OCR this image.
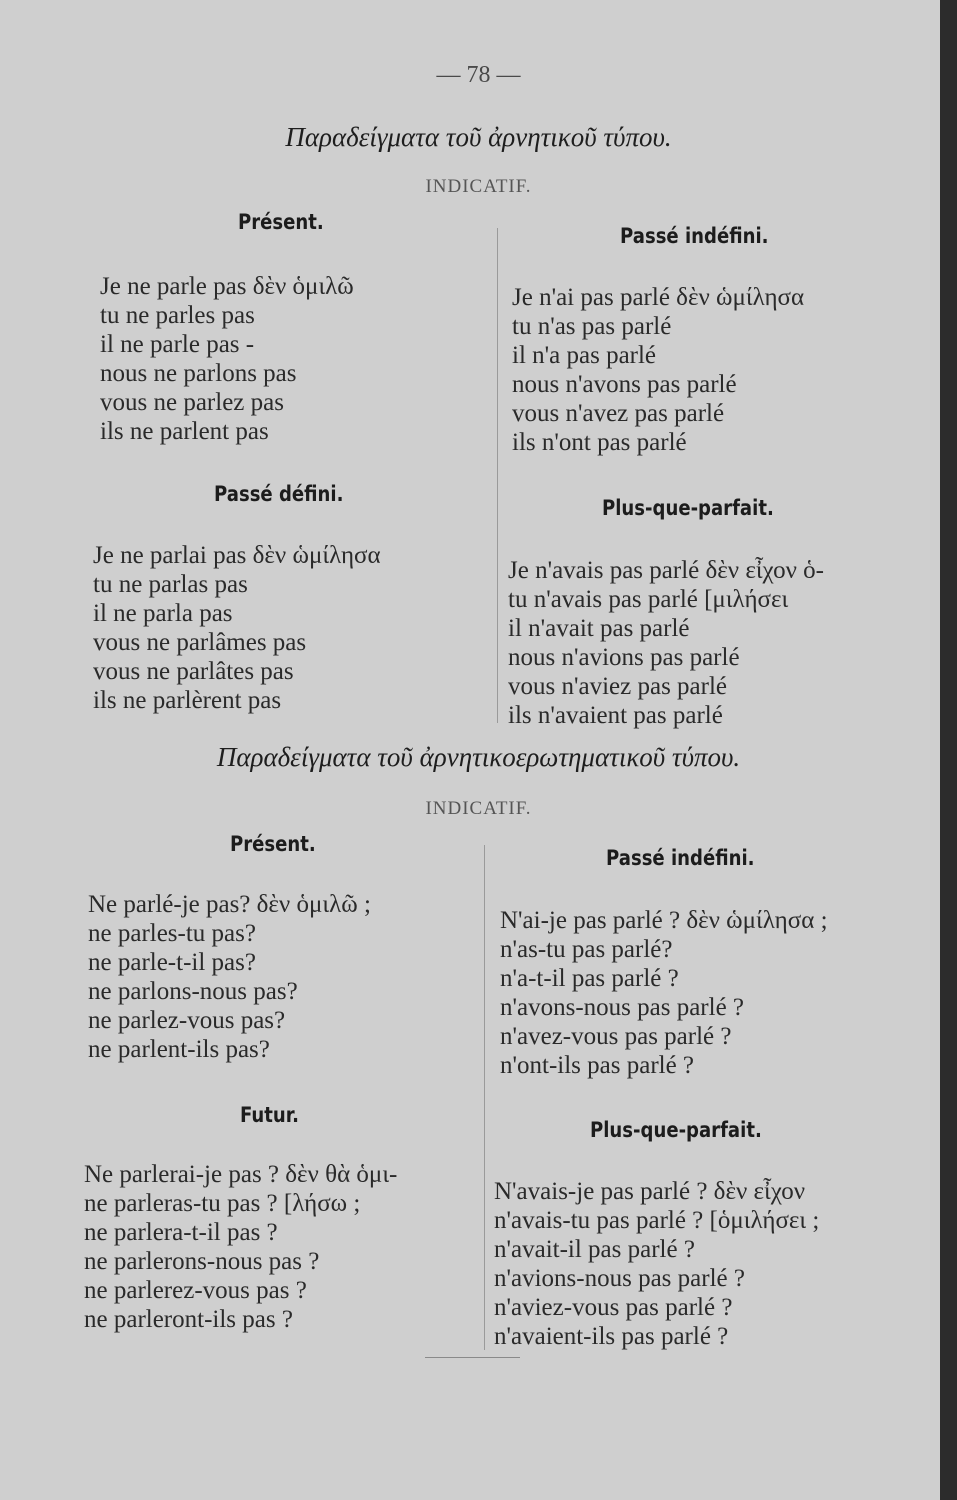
— 78 —
Παραδείγματα τοῦ ἀρνητικοῦ τύπου.
INDICATIF.
Présent.
Je ne parle pas δὲν ὁμιλῶ
tu ne parles pas
il ne parle pas -
nous ne parlons pas
vous ne parlez pas
ils ne parlent pas
Passé indéfini.
Je n'ai pas parlé δὲν ὡμίλησα
tu n'as pas parlé
il n'a pas parlé
nous n'avons pas parlé
vous n'avez pas parlé
ils n'ont pas parlé
Passé défini.
Je ne parlai pas δὲν ὡμίλησα
tu ne parlas pas
il ne parla pas
vous ne parlâmes pas
vous ne parlâtes pas
ils ne parlèrent pas
Plus-que-parfait.
Je n'avais pas parlé δὲν εἶχον ὁ-
tu n'avais pas parlé [μιλήσει
il n'avait pas parlé
nous n'avions pas parlé
vous n'aviez pas parlé
ils n'avaient pas parlé
Παραδείγματα τοῦ ἀρνητικοερωτηματικοῦ τύπου.
INDICATIF.
Présent.
Ne parlé-je pas? δὲν ὁμιλῶ ;
ne parles-tu pas?
ne parle-t-il pas?
ne parlons-nous pas?
ne parlez-vous pas?
ne parlent-ils pas?
Passé indéfini.
N'ai-je pas parlé ? δὲν ὡμίλησα ;
n'as-tu pas parlé?
n'a-t-il pas parlé ?
n'avons-nous pas parlé ?
n'avez-vous pas parlé ?
n'ont-ils pas parlé ?
Futur.
Ne parlerai-je pas ? δὲν θὰ ὁμι-
ne parleras-tu pas ? [λήσω ;
ne parlera-t-il pas ?
ne parlerons-nous pas ?
ne parlerez-vous pas ?
ne parleront-ils pas ?
Plus-que-parfait.
N'avais-je pas parlé ? δὲν εἶχον
n'avais-tu pas parlé ? [ὁμιλήσει ;
n'avait-il pas parlé ?
n'avions-nous pas parlé ?
n'aviez-vous pas parlé ?
n'avaient-ils pas parlé ?
